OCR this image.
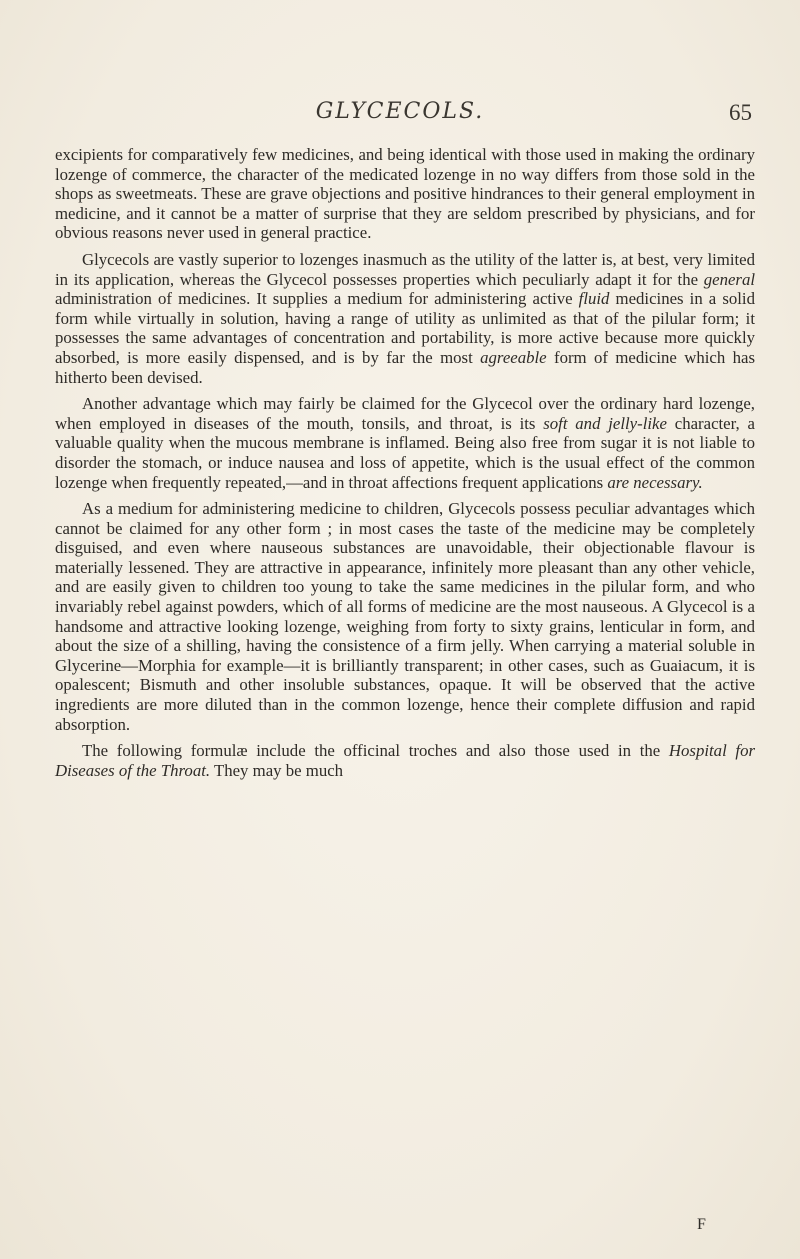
GLYCECOLS.	65

excipients for comparatively few medicines, and being identical with those used in making the ordinary lozenge of commerce, the character of the medicated lozenge in no way differs from those sold in the shops as sweetmeats. These are grave objections and positive hindrances to their general employment in medicine, and it cannot be a matter of surprise that they are seldom prescribed by physicians, and for obvious reasons never used in general practice.

Glycecols are vastly superior to lozenges inasmuch as the utility of the latter is, at best, very limited in its application, whereas the Glycecol possesses properties which peculiarly adapt it for the general administration of medicines. It supplies a medium for administering active fluid medicines in a solid form while virtually in solution, having a range of utility as unlimited as that of the pilular form; it possesses the same advantages of concentration and portability, is more active because more quickly absorbed, is more easily dispensed, and is by far the most agreeable form of medicine which has hitherto been devised.

Another advantage which may fairly be claimed for the Glycecol over the ordinary hard lozenge, when employed in diseases of the mouth, tonsils, and throat, is its soft and jelly-like character, a valuable quality when the mucous membrane is inflamed. Being also free from sugar it is not liable to disorder the stomach, or induce nausea and loss of appetite, which is the usual effect of the common lozenge when frequently repeated,—and in throat affections frequent applications are necessary.

As a medium for administering medicine to children, Glycecols possess peculiar advantages which cannot be claimed for any other form ; in most cases the taste of the medicine may be completely disguised, and even where nauseous substances are unavoidable, their objectionable flavour is materially lessened. They are attractive in appearance, infinitely more pleasant than any other vehicle, and are easily given to children too young to take the same medicines in the pilular form, and who invariably rebel against powders, which of all forms of medicine are the most nauseous. A Glycecol is a handsome and attractive looking lozenge, weighing from forty to sixty grains, lenticular in form, and about the size of a shilling, having the consistence of a firm jelly. When carrying a material soluble in Glycerine—Morphia for example—it is brilliantly transparent; in other cases, such as Guaiacum, it is opalescent; Bismuth and other insoluble substances, opaque. It will be observed that the active ingredients are more diluted than in the common lozenge, hence their complete diffusion and rapid absorption.

The following formulæ include the officinal troches and also those used in the Hospital for Diseases of the Throat. They may be much

F
